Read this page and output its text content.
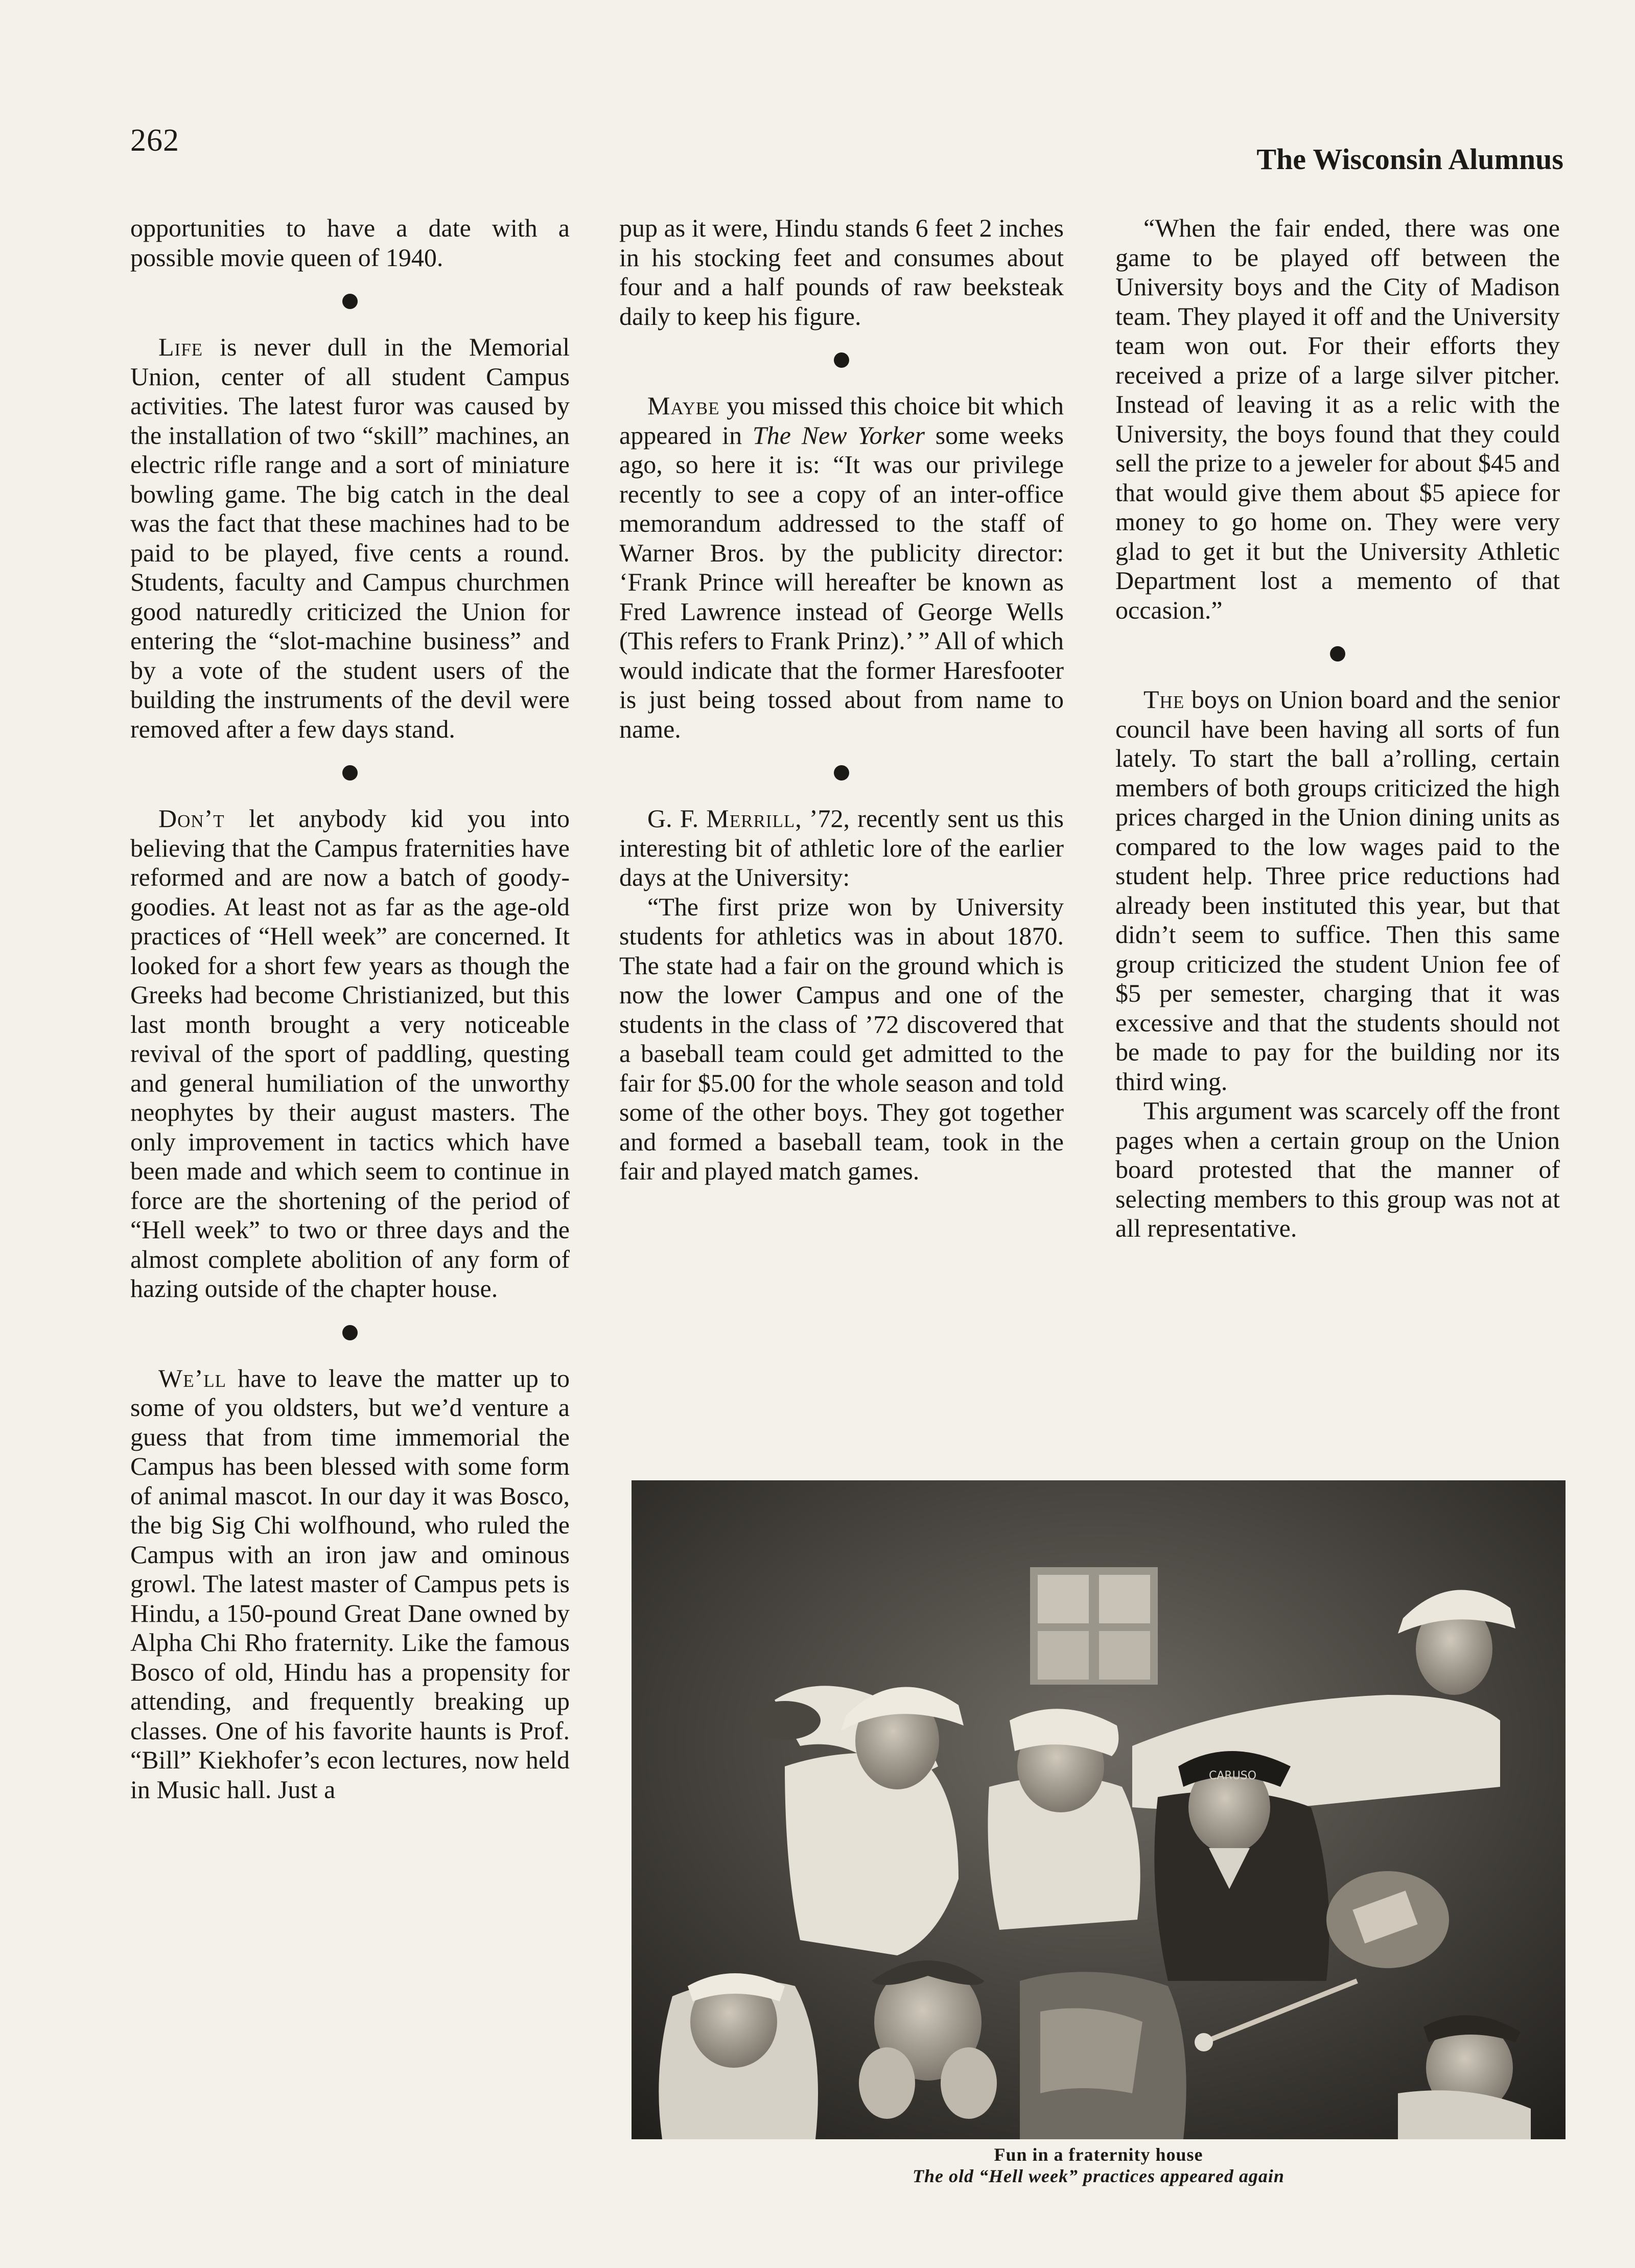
262
The Wisconsin Alumnus

opportunities to have a date with a possible movie queen of 1940.

Life is never dull in the Memorial Union, center of all student Campus activities. The latest furor was caused by the installation of two “skill” machines, an electric rifle range and a sort of miniature bowling game. The big catch in the deal was the fact that these machines had to be paid to be played, five cents a round. Students, faculty and Campus churchmen good naturedly criticized the Union for entering the “slot-machine business” and by a vote of the student users of the building the instruments of the devil were removed after a few days stand.

Don’t let anybody kid you into believing that the Campus fraternities have reformed and are now a batch of goody-goodies. At least not as far as the age-old practices of “Hell week” are concerned. It looked for a short few years as though the Greeks had become Christianized, but this last month brought a very noticeable revival of the sport of paddling, questing and general humiliation of the unworthy neophytes by their august masters. The only improvement in tactics which have been made and which seem to continue in force are the shortening of the period of “Hell week” to two or three days and the almost complete abolition of any form of hazing outside of the chapter house.

We’ll have to leave the matter up to some of you oldsters, but we’d venture a guess that from time immemorial the Campus has been blessed with some form of animal mascot. In our day it was Bosco, the big Sig Chi wolfhound, who ruled the Campus with an iron jaw and ominous growl. The latest master of Campus pets is Hindu, a 150-pound Great Dane owned by Alpha Chi Rho fraternity. Like the famous Bosco of old, Hindu has a propensity for attending, and frequently breaking up classes. One of his favorite haunts is Prof. “Bill” Kiekhofer’s econ lectures, now held in Music hall. Just a

pup as it were, Hindu stands 6 feet 2 inches in his stocking feet and consumes about four and a half pounds of raw beeksteak daily to keep his figure.

Maybe you missed this choice bit which appeared in The New Yorker some weeks ago, so here it is: “It was our privilege recently to see a copy of an inter-office memorandum addressed to the staff of Warner Bros. by the publicity director: ‘Frank Prince will hereafter be known as Fred Lawrence instead of George Wells (This refers to Frank Prinz).’ ” All of which would indicate that the former Haresfooter is just being tossed about from name to name.

G. F. Merrill, ’72, recently sent us this interesting bit of athletic lore of the earlier days at the University:

“The first prize won by University students for athletics was in about 1870. The state had a fair on the ground which is now the lower Campus and one of the students in the class of ’72 discovered that a baseball team could get admitted to the fair for $5.00 for the whole season and told some of the other boys. They got together and formed a baseball team, took in the fair and played match games.

“When the fair ended, there was one game to be played off between the University boys and the City of Madison team. They played it off and the University team won out. For their efforts they received a prize of a large silver pitcher. Instead of leaving it as a relic with the University, the boys found that they could sell the prize to a jeweler for about $45 and that would give them about $5 apiece for money to go home on. They were very glad to get it but the University Athletic Department lost a memento of that occasion.”

The boys on Union board and the senior council have been having all sorts of fun lately. To start the ball a’rolling, certain members of both groups criticized the high prices charged in the Union dining units as compared to the low wages paid to the student help. Three price reductions had already been instituted this year, but that didn’t seem to suffice. Then this same group criticized the student Union fee of $5 per semester, charging that it was excessive and that the students should not be made to pay for the building nor its third wing.

This argument was scarcely off the front pages when a certain group on the Union board protested that the manner of selecting members to this group was not at all representative.

CARUSO
Fun in a fraternity house
The old “Hell week” practices appeared again
